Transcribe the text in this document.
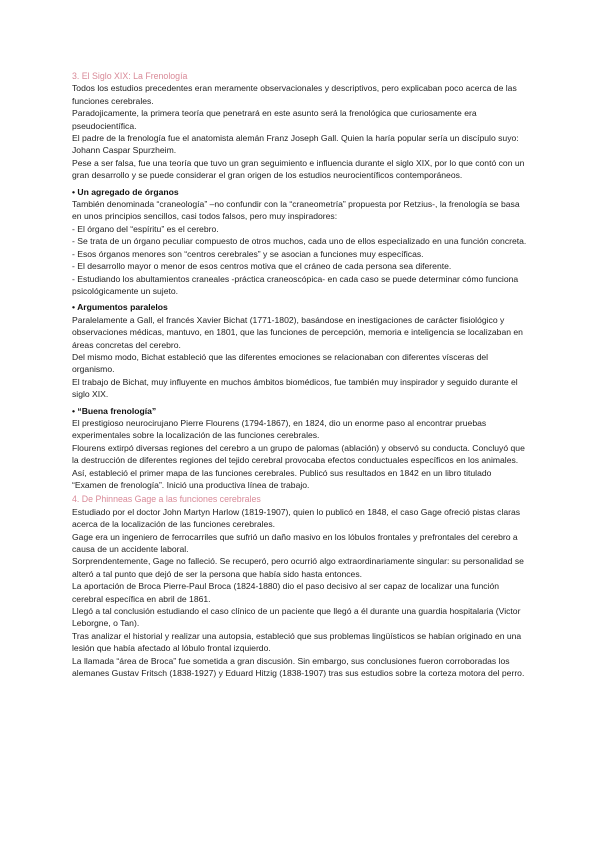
3. El Siglo XIX: La Frenología

Todos los estudios precedentes eran meramente observacionales y descriptivos, pero explicaban poco acerca de las funciones cerebrales.

Paradojicamente, la primera teoría que penetrará en este asunto será la frenológica que curiosamente era pseudocientífica.

El padre de la frenología fue el anatomista alemán Franz Joseph Gall. Quien la haría popular sería un discípulo suyo: Johann Caspar Spurzheim.

Pese a ser falsa, fue una teoría que tuvo un gran seguimiento e influencia durante el siglo XIX, por lo que contó con un gran desarrollo y se puede considerar el gran origen de los estudios neurocientíficos contemporáneos.

• Un agregado de órganos

También denominada “craneología” –no confundir con la “craneometría” propuesta por Retzius-, la frenología se basa en unos principios sencillos, casi todos falsos, pero muy inspiradores:

- El órgano del “espíritu” es el cerebro.

- Se trata de un órgano peculiar compuesto de otros muchos, cada uno de ellos especializado en una función concreta.

- Esos órganos menores son “centros cerebrales” y se asocian a funciones muy específicas.

- El desarrollo mayor o menor de esos centros motiva que el cráneo de cada persona sea diferente.

- Estudiando los abultamientos craneales -práctica craneoscópica- en cada caso se puede determinar cómo funciona psicológicamente un sujeto.

• Argumentos paralelos

Paralelamente a Gall, el francés Xavier Bichat (1771-1802), basándose en inestigaciones de carácter fisiológico y observaciones médicas, mantuvo, en 1801, que las funciones de percepción, memoria e inteligencia se localizaban en áreas concretas del cerebro.

Del mismo modo, Bichat estableció que las diferentes emociones se relacionaban con diferentes vísceras del organismo.

El trabajo de Bichat, muy influyente en muchos ámbitos biomédicos, fue también muy inspirador y seguido durante el siglo XIX.

• “Buena frenología”

El prestigioso neurocirujano Pierre Flourens (1794-1867), en 1824, dio un enorme paso al encontrar pruebas experimentales sobre la localización de las funciones cerebrales.

Flourens extirpó diversas regiones del cerebro a un grupo de palomas (ablación) y observó su conducta. Concluyó que la destrucción de diferentes regiones del tejido cerebral provocaba efectos conductuales específicos en los animales.

Así, estableció el primer mapa de las funciones cerebrales. Publicó sus resultados en 1842 en un libro titulado “Examen de frenología”. Inició una productiva línea de trabajo.

4. De Phinneas Gage a las funciones cerebrales

Estudiado por el doctor John Martyn Harlow (1819-1907), quien lo publicó en 1848, el caso Gage ofreció pistas claras acerca de la localización de las funciones cerebrales.

Gage era un ingeniero de ferrocarriles que sufrió un daño masivo en los lóbulos frontales y prefrontales del cerebro a causa de un accidente laboral.

Sorprendentemente, Gage no falleció. Se recuperó, pero ocurrió algo extraordinariamente singular: su personalidad se alteró a tal punto que dejó de ser la persona que había sido hasta entonces.

La aportación de Broca Pierre-Paul Broca (1824-1880) dio el paso decisivo al ser capaz de localizar una función cerebral específica en abril de 1861.

Llegó a tal conclusión estudiando el caso clínico de un paciente que llegó a él durante una guardia hospitalaria (Victor Leborgne, o Tan).

Tras analizar el historial y realizar una autopsia, estableció que sus problemas lingüísticos se habían originado en una lesión que había afectado al lóbulo frontal izquierdo.

La llamada “área de Broca” fue sometida a gran discusión. Sin embargo, sus conclusiones fueron corroboradas los alemanes Gustav Fritsch (1838-1927) y Eduard Hitzig (1838-1907) tras sus estudios sobre la corteza motora del perro.
